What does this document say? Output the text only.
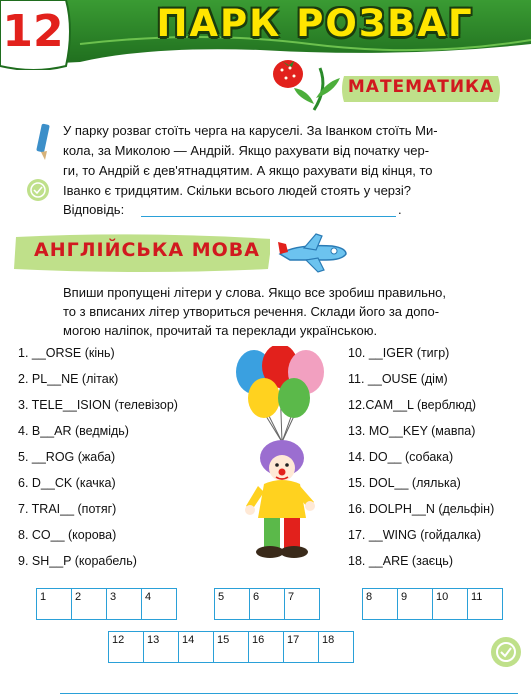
12	ПАРК РОЗВАГ
МАТЕМАТИКА
У парку розваг стоїть черга на каруселі. За Іванком стоїть Ми-
кола, за Миколою — Андрій. Якщо рахувати від початку чер-
ги, то Андрій є дев'ятнадцятим. А якщо рахувати від кінця, то
Іванко є тридцятим. Скільки всього людей стоять у черзі?
Відповідь:	.
АНГЛІЙСЬКА МОВА
Впиши пропущені літери у слова. Якщо все зробиш правильно,
то з вписаних літер утвориться речення. Склади його за допо-
могою наліпок, прочитай та переклади українською.
1. __ORSE (кінь)
2. PL__NE (літак)
3. TELE__ISION (телевізор)
4. B__AR (ведмідь)
5. __ROG (жаба)
6. D__CK (качка)
7. TRAI__ (потяг)
8. CO__ (корова)
9. SH__P (корабель)
10. __IGER (тигр)
11. __OUSE (дім)
12.CAM__L (верблюд)
13. MO__KEY (мавпа)
14. DO__ (собака)
15. DOL__ (лялька)
16. DOLPH__N (дельфін)
17. __WING (гойдалка)
18. __ARE (заєць)
1	2	3	4	5	6	7	8	9	10	11
12	13	14	15	16	17	18
